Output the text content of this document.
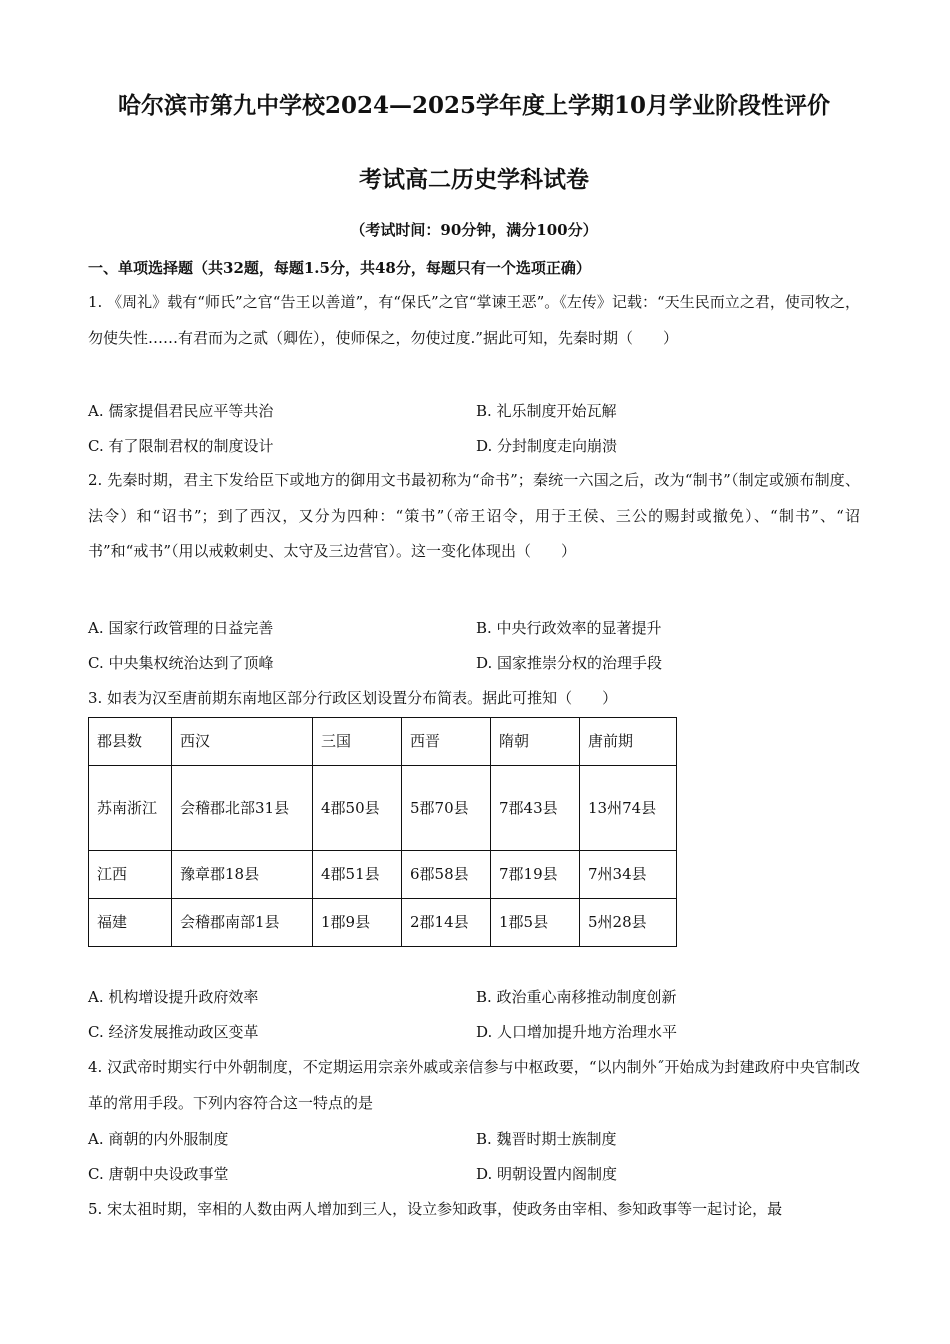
哈尔滨市第九中学校2024—2025学年度上学期10月学业阶段性评价
考试高二历史学科试卷
（考试时间：90分钟，满分100分）
一、单项选择题（共32题，每题1.5分，共48分，每题只有一个选项正确）
1. 《周礼》载有“师氏”之官“告王以善道”，有“保氏”之官“掌谏王恶”。《左传》记载：“天生民而立之君，使司牧之，勿使失性……有君而为之贰（卿佐），使师保之，勿使过度.”据此可知，先秦时期（　　）
A. 儒家提倡君民应平等共治	B. 礼乐制度开始瓦解
C. 有了限制君权的制度设计	D. 分封制度走向崩溃
2. 先秦时期，君主下发给臣下或地方的御用文书最初称为“命书”；秦统一六国之后，改为“制书”（制定或颁布制度、法令）和“诏书”；到了西汉，又分为四种：“策书”（帝王诏令，用于王侯、三公的赐封或撤免）、“制书”、“诏书”和“戒书”（用以戒敕刺史、太守及三边营官）。这一变化体现出（　　）
A. 国家行政管理的日益完善	B. 中央行政效率的显著提升
C. 中央集权统治达到了顶峰	D. 国家推崇分权的治理手段
3. 如表为汉至唐前期东南地区部分行政区划设置分布简表。据此可推知（　　）
郡县数	西汉	三国	西晋	隋朝	唐前期
苏南浙江	会稽郡北部31县	4郡50县	5郡70县	7郡43县	13州74县
江西	豫章郡18县	4郡51县	6郡58县	7郡19县	7州34县
福建	会稽郡南部1县	1郡9县	2郡14县	1郡5县	5州28县
A. 机构增设提升政府效率	B. 政治重心南移推动制度创新
C. 经济发展推动政区变革	D. 人口增加提升地方治理水平
4. 汉武帝时期实行中外朝制度，不定期运用宗亲外戚或亲信参与中枢政要，“以内制外˝开始成为封建政府中央官制改革的常用手段。下列内容符合这一特点的是
A. 商朝的内外服制度	B. 魏晋时期士族制度
C. 唐朝中央设政事堂	D. 明朝设置内阁制度
5. 宋太祖时期，宰相的人数由两人增加到三人，设立参知政事，使政务由宰相、参知政事等一起讨论，最
